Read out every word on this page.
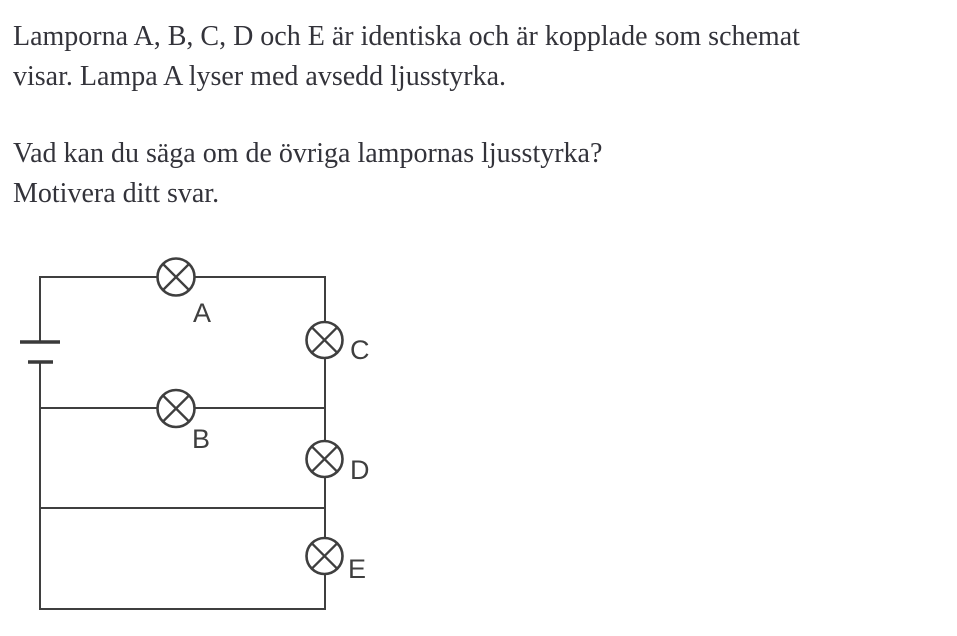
Lamporna A, B, C, D och E är identiska och är kopplade som schemat
visar. Lampa A lyser med avsedd ljusstyrka.
Vad kan du säga om de övriga lampornas ljusstyrka?
Motivera ditt svar.
A
B
C
D
E
